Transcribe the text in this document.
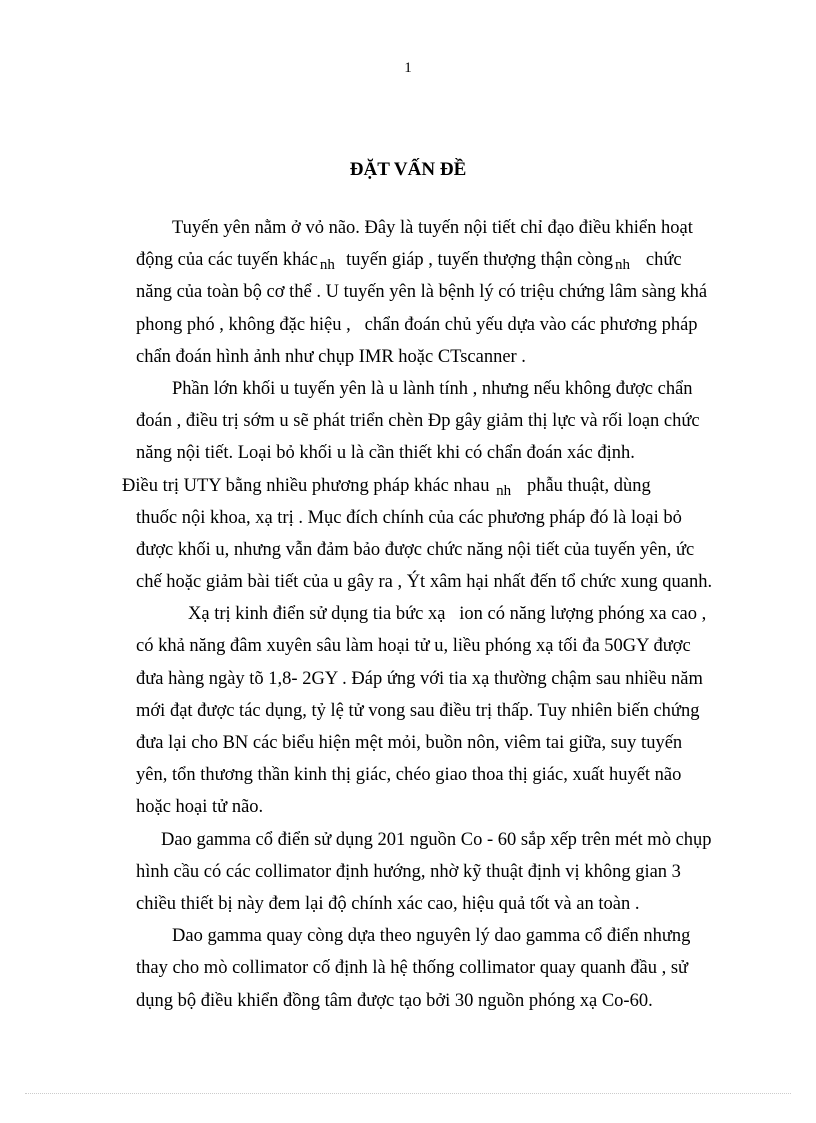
1
ĐẶT VẤN ĐỀ
Tuyến yên nằm ở vỏ não. Đây là tuyến nội tiết chỉ đạo điều khiển hoạt
động của các tuyến khác $_{nh}$ tuyến giáp , tuyến thượng thận còng $_{nh}$ chức
năng của toàn bộ cơ thể . U tuyến yên là bệnh lý có triệu chứng lâm sàng khá
phong phó , không đặc hiệu ,   chẩn đoán chủ yếu dựa vào các phương pháp
chẩn đoán hình ảnh như chụp IMR hoặc CTscanner .
Phần lớn khối u tuyến yên là u lành tính , nhưng nếu không được chẩn
đoán , điều trị sớm u sẽ phát triển chèn Đp gây giảm thị lực và rối loạn chức
năng nội tiết. Loại bỏ khối u là cần thiết khi có chẩn đoán xác định.
Điều trị UTY bằng nhiều phương pháp khác nhau $_{nh}$ phẫu thuật, dùng
thuốc nội khoa, xạ trị . Mục đích chính của các phương pháp đó là loại bỏ
được khối u, nhưng vẫn đảm bảo được chức năng nội tiết của tuyến yên, ức
chế hoặc giảm bài tiết của u gây ra , Ýt xâm hại nhất đến tổ chức xung quanh.
Xạ trị kinh điển sử dụng tia bức xạ   ion có năng lượng phóng xa cao ,
có khả năng đâm xuyên sâu làm hoại tử u, liều phóng xạ tối đa 50GY được
đưa hàng ngày tõ 1,8- 2GY . Đáp ứng với tia xạ thường chậm sau nhiều năm
mới đạt được tác dụng, tỷ lệ tử vong sau điều trị thấp. Tuy nhiên biến chứng
đưa lại cho BN các biểu hiện mệt mỏi, buồn nôn, viêm tai giữa, suy tuyến
yên, tổn thương thần kinh thị giác, chéo giao thoa thị giác, xuất huyết não
hoặc hoại tử não.
Dao gamma cổ điển sử dụng 201 nguồn Co - 60 sắp xếp trên mét mò chụp
hình cầu có các collimator định hướng, nhờ kỹ thuật định vị không gian 3
chiều thiết bị này đem lại độ chính xác cao, hiệu quả tốt và an toàn .
Dao gamma quay còng dựa theo nguyên lý dao gamma cổ điển nhưng
thay cho mò collimator cố định là hệ thống collimator quay quanh đầu , sử
dụng bộ điều khiển đồng tâm được tạo bởi 30 nguồn phóng xạ Co-60.
